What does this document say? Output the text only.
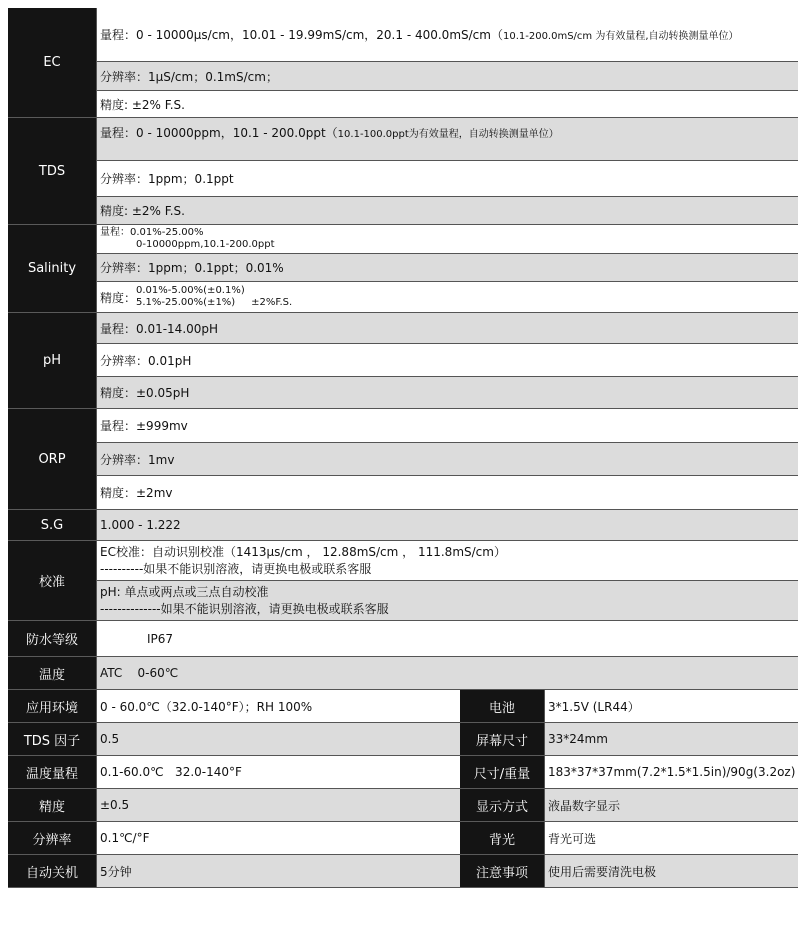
EC
量程：0 - 10000μs/cm，10.01 - 19.99mS/cm，20.1 - 400.0mS/cm（ 10.1-200.0mS/cm 为有效量程,自动转换测量单位）
分辨率：1μS/cm；0.1mS/cm；
精度: ±2% F.S.
TDS
量程：0 - 10000ppm，10.1 - 200.0ppt（ 10.1-100.0ppt为有效量程，自动转换测量单位）
分辨率：1ppm；0.1ppt
精度: ±2% F.S.
Salinity
量程：0.01%-25.00%
0-10000ppm,10.1-200.0ppt
分辨率：1ppm；0.1ppt；0.01%
精度： 0.01%-5.00%(±0.1%)
5.1%-25.00%(±1%)     ±2%F.S.
pH
量程：0.01-14.00pH
分辨率：0.01pH
精度：±0.05pH
ORP
量程：±999mv
分辨率：1mv
精度：±2mv
S.G	1.000 - 1.222
校准
EC校准：自动识别校准（1413μs/cm ， 12.88mS/cm ， 111.8mS/cm）
----------如果不能识别溶液，请更换电极或联系客服
pH: 单点或两点或三点自动校准
--------------如果不能识别溶液，请更换电极或联系客服
防水等级	IP67
温度	ATC    0-60℃
应用环境	0 - 60.0℃（32.0-140°F）；RH 100%	电池	3*1.5V (LR44）
TDS 因子	0.5	屏幕尺寸	33*24mm
温度量程	0.1-60.0℃   32.0-140°F	尺寸/重量	183*37*37mm(7.2*1.5*1.5in)/90g(3.2oz)
精度	±0.5	显示方式	液晶数字显示
分辨率	0.1℃/°F	背光	背光可选
自动关机	5分钟	注意事项	使用后需要清洗电极
